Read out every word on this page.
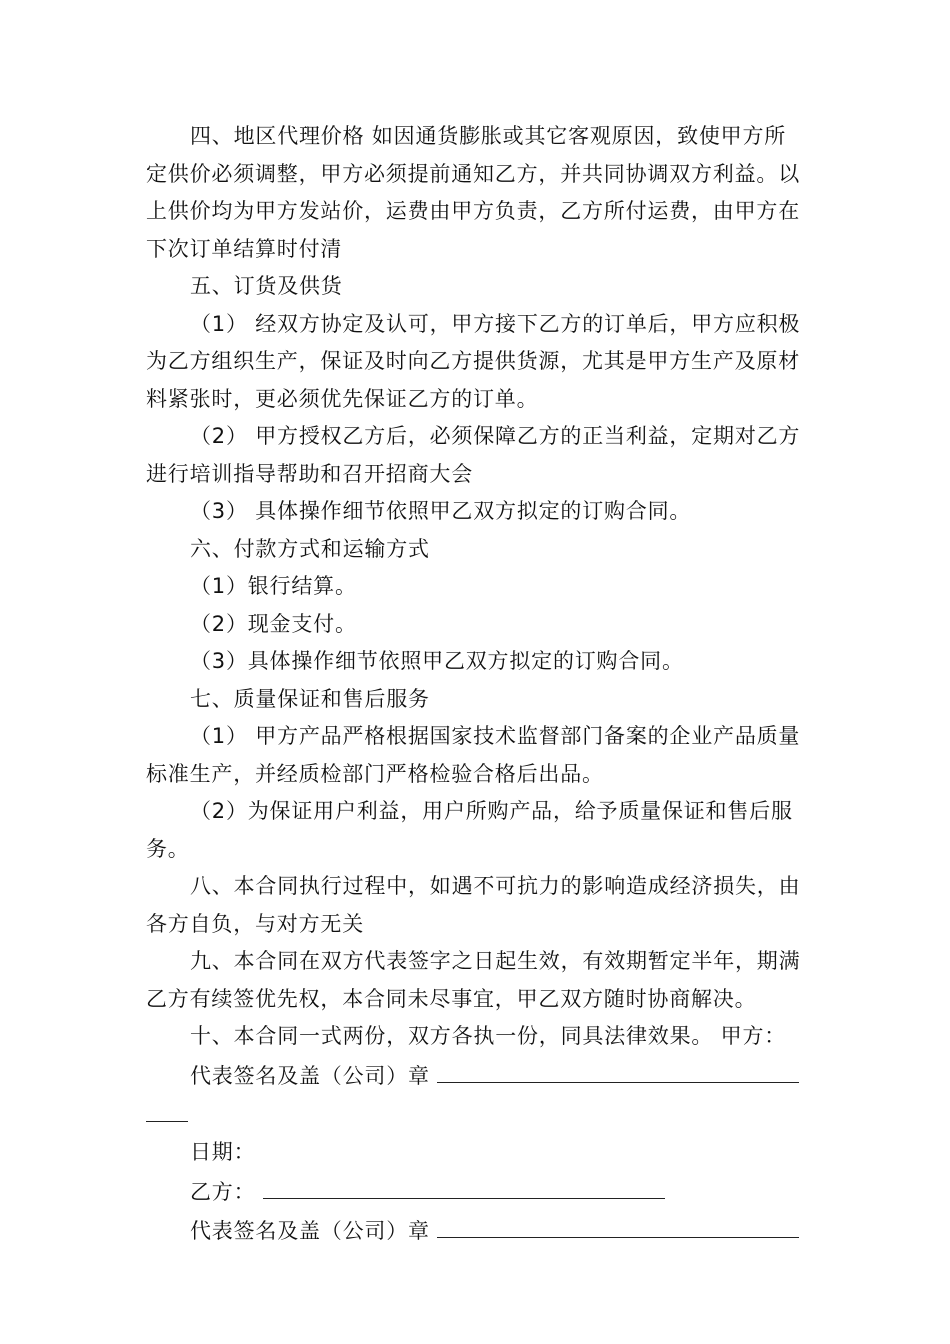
四、地区代理价格 如因通货膨胀或其它客观原因，致使甲方所定供价必须调整，甲方必须提前通知乙方，并共同协调双方利益。以上供价均为甲方发站价，运费由甲方负责，乙方所付运费，由甲方在下次订单结算时付清

五、订货及供货

（1） 经双方协定及认可，甲方接下乙方的订单后，甲方应积极为乙方组织生产，保证及时向乙方提供货源，尤其是甲方生产及原材料紧张时，更必须优先保证乙方的订单。

（2） 甲方授权乙方后，必须保障乙方的正当利益，定期对乙方进行培训指导帮助和召开招商大会

（3） 具体操作细节依照甲乙双方拟定的订购合同。

六、付款方式和运输方式

（1）银行结算。

（2）现金支付。

（3）具体操作细节依照甲乙双方拟定的订购合同。

七、质量保证和售后服务

（1） 甲方产品严格根据国家技术监督部门备案的企业产品质量标准生产，并经质检部门严格检验合格后出品。

（2）为保证用户利益，用户所购产品，给予质量保证和售后服务。

八、本合同执行过程中，如遇不可抗力的影响造成经济损失，由各方自负，与对方无关

九、本合同在双方代表签字之日起生效，有效期暂定半年，期满乙方有续签优先权，本合同未尽事宜，甲乙双方随时协商解决。

十、本合同一式两份，双方各执一份，同具法律效果。 甲方：

代表签名及盖（公司）章

日期：

乙方：

代表签名及盖（公司）章
